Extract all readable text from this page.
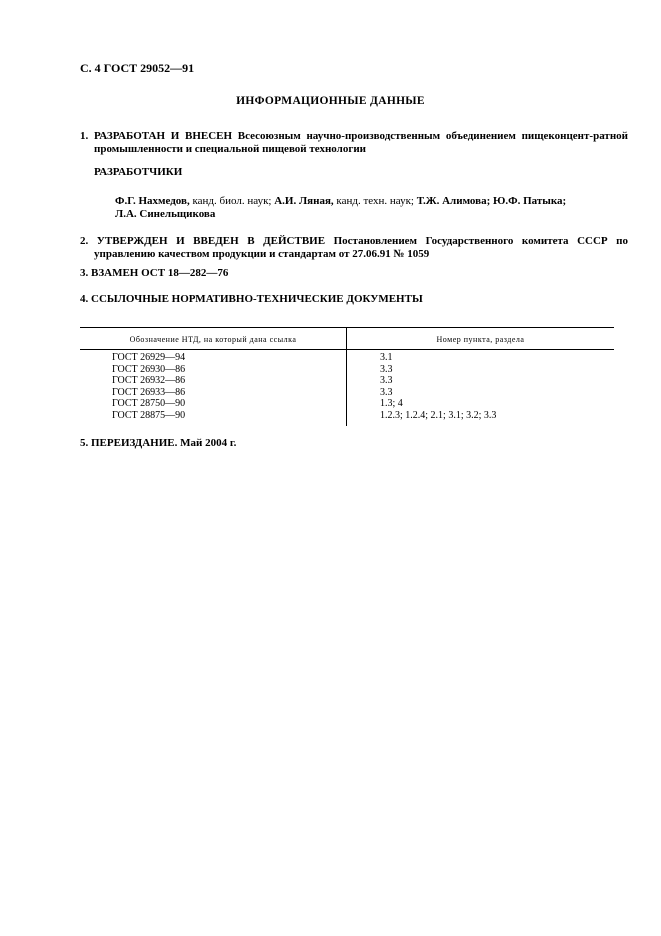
С. 4 ГОСТ 29052—91
ИНФОРМАЦИОННЫЕ ДАННЫЕ
1. РАЗРАБОТАН И ВНЕСЕН Всесоюзным научно-производственным объединением пищеконцент-ратной промышленности и специальной пищевой технологии
РАЗРАБОТЧИКИ
Ф.Г. Нахмедов, канд. биол. наук; А.И. Ляная, канд. техн. наук; Т.Ж. Алимова; Ю.Ф. Патыка;
Л.А. Синельщикова
2. УТВЕРЖДЕН И ВВЕДЕН В ДЕЙСТВИЕ Постановлением Государственного комитета СССР по управлению качеством продукции и стандартам от 27.06.91 № 1059
3. ВЗАМЕН ОСТ 18—282—76
4. ССЫЛОЧНЫЕ НОРМАТИВНО-ТЕХНИЧЕСКИЕ ДОКУМЕНТЫ
Обозначение НТД, на который дана ссылка	Номер пункта, раздела
ГОСТ 26929—94
ГОСТ 26930—86
ГОСТ 26932—86
ГОСТ 26933—86
ГОСТ 28750—90
ГОСТ 28875—90
3.1
3.3
3.3
3.3
1.3; 4
1.2.3; 1.2.4; 2.1; 3.1; 3.2; 3.3
5. ПЕРЕИЗДАНИЕ. Май 2004 г.
